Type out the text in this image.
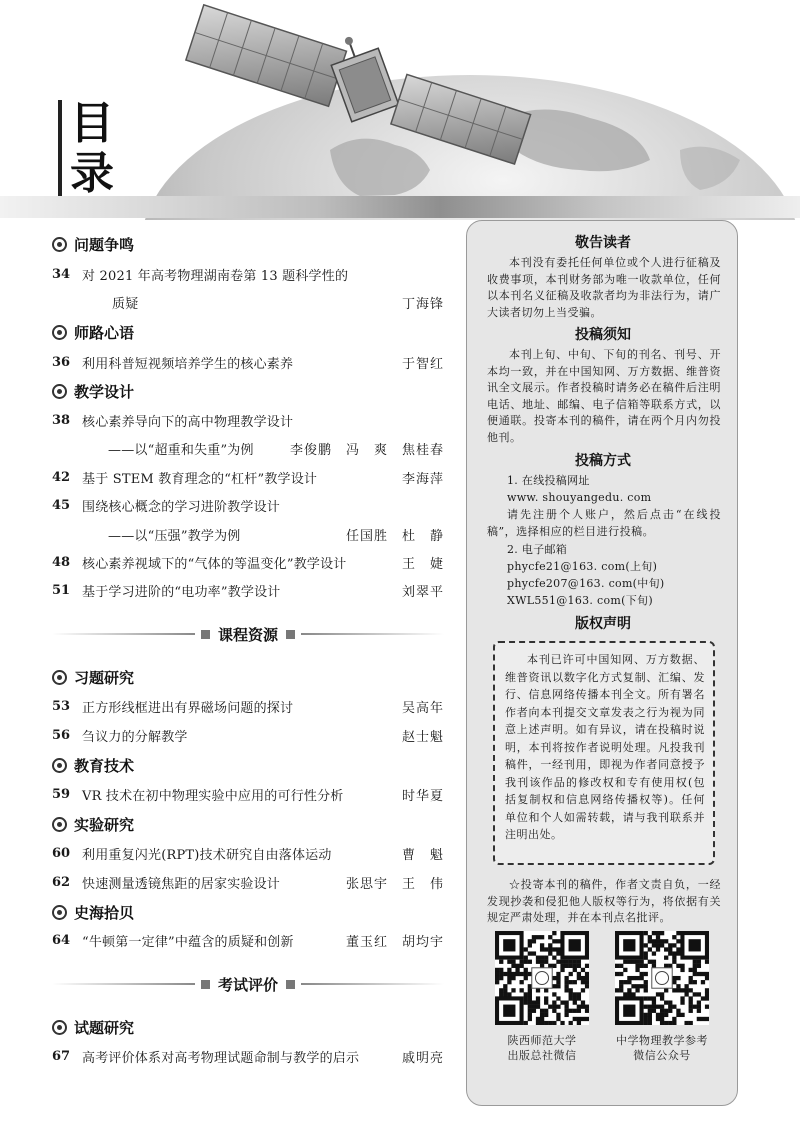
目
录
问题争鸣
34 对 2021 年高考物理湖南卷第 13 题科学性的
质疑	丁海锋
师路心语
36 利用科普短视频培养学生的核心素养	于智红
教学设计
38 核心素养导向下的高中物理教学设计
——以“超重和失重”为例	李俊鹏 冯　爽 焦桂春
42 基于 STEM 教育理念的“杠杆”教学设计	李海萍
45 围绕核心概念的学习进阶教学设计
——以“压强”教学为例	任国胜 杜　静
48 核心素养视域下的“气体的等温变化”教学设计	王　婕
51 基于学习进阶的“电功率”教学设计	刘翠平
课程资源
习题研究
53 正方形线框进出有界磁场问题的探讨	吴高年
56 刍议力的分解教学	赵士魁
教育技术
59 VR 技术在初中物理实验中应用的可行性分析	时华夏
实验研究
60 利用重复闪光(RPT)技术研究自由落体运动	曹　魁
62 快速测量透镜焦距的居家实验设计	张思宇 王　伟
史海拾贝
64 “牛顿第一定律”中蕴含的质疑和创新	董玉红 胡均宇
考试评价
试题研究
67 高考评价体系对高考物理试题命制与教学的启示	戚明亮
敬告读者
本刊没有委托任何单位或个人进行征稿及收费事项，本刊财务部为唯一收款单位，任何以本刊名义征稿及收款者均为非法行为，请广大读者切勿上当受骗。
投稿须知
本刊上旬、中旬、下旬的刊名、刊号、开本均一致，并在中国知网、万方数据、维普资讯全文展示。作者投稿时请务必在稿件后注明电话、地址、邮编、电子信箱等联系方式，以便通联。投寄本刊的稿件，请在两个月内勿投他刊。
投稿方式
1. 在线投稿网址
www. shouyangedu. com
请先注册个人账户，然后点击“在线投稿”，选择相应的栏目进行投稿。
2. 电子邮箱
phycfe21@163. com(上旬)
phycfe207@163. com(中旬)
XWL551@163. com(下旬)
版权声明
本刊已许可中国知网、万方数据、维普资讯以数字化方式复制、汇编、发行、信息网络传播本刊全文。所有署名作者向本刊提交文章发表之行为视为同意上述声明。如有异议，请在投稿时说明，本刊将按作者说明处理。凡投我刊稿件，一经刊用，即视为作者同意授予我刊该作品的修改权和专有使用权(包括复制权和信息网络传播权等)。任何单位和个人如需转载，请与我刊联系并注明出处。
☆投寄本刊的稿件，作者文责自负，一经发现抄袭和侵犯他人版权等行为，将依据有关规定严肃处理，并在本刊点名批评。
陕西师范大学
出版总社微信
中学物理教学参考
微信公众号
